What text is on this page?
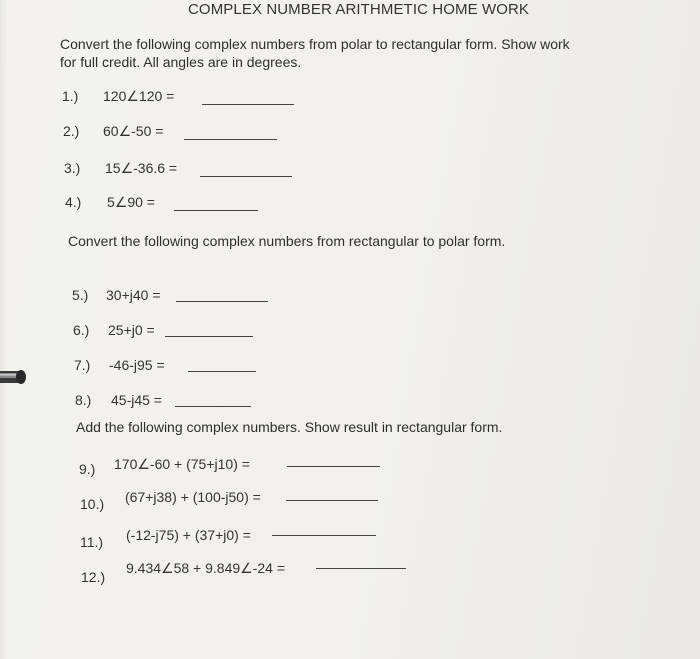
COMPLEX NUMBER ARITHMETIC HOME WORK
Convert the following complex numbers from polar to rectangular form. Show work
for full credit. All angles are in degrees.
1.) 120∠120 =
2.) 60∠-50 =
3.) 15∠-36.6 =
4.) 5∠90 =
Convert the following complex numbers from rectangular to polar form.
5.) 30+j40 =
6.) 25+j0 =
7.) -46-j95 =
8.) 45-j45 =
Add the following complex numbers. Show result in rectangular form.
9.) 170∠-60 + (75+j10) =
10.) (67+j38) + (100-j50) =
11.) (-12-j75) + (37+j0) =
12.)
9.434∠58 + 9.849∠-24 =
